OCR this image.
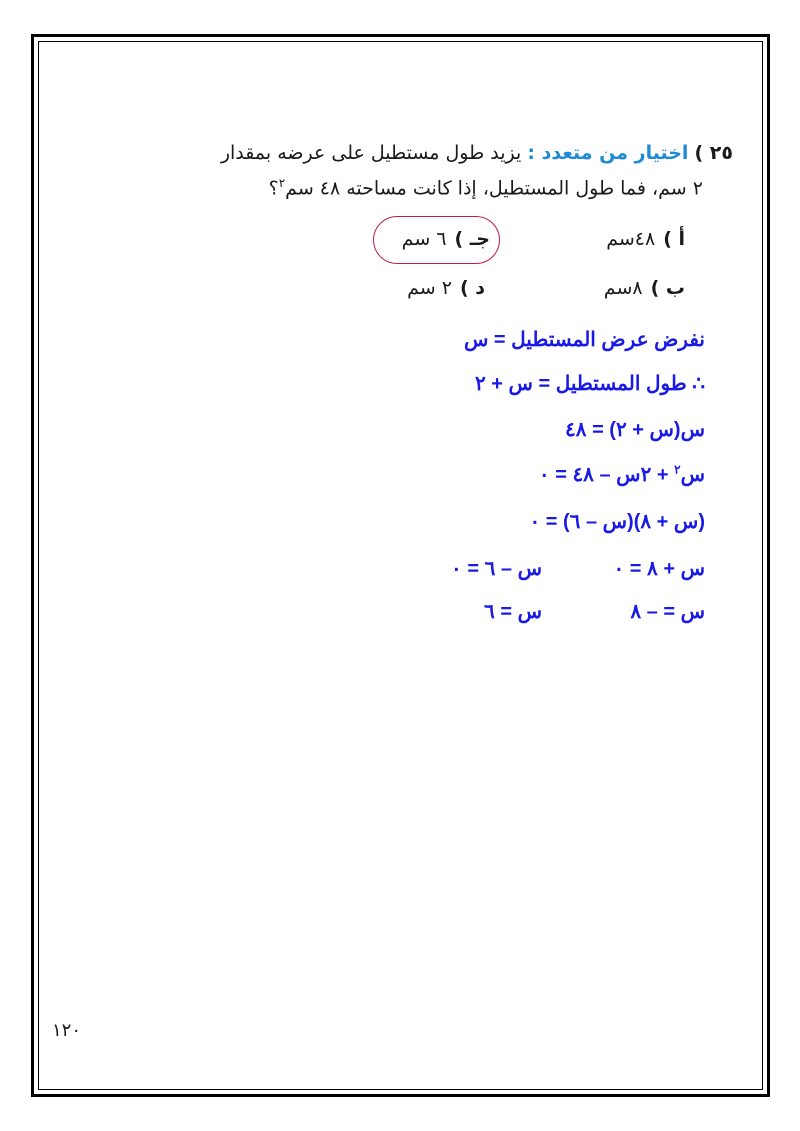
٢٥ ) اختيار من متعدد : يزيد طول مستطيل على عرضه بمقدار
٢ سم، فما طول المستطيل، إذا كانت مساحته ٤٨ سم$^٢$؟
أ )٤٨سم
جـ )٦ سم
ب )٨سم
د )٢ سم
نفرض عرض المستطيل = س
∴ طول المستطيل = س + ٢
س(س + ٢) = ٤٨
س$^٢$ + ٢س – ٤٨ = ٠
(س + ٨)(س – ٦) = ٠
س + ٨ = ٠
س – ٦ = ٠
س = – ٨
س = ٦
١٢٠
